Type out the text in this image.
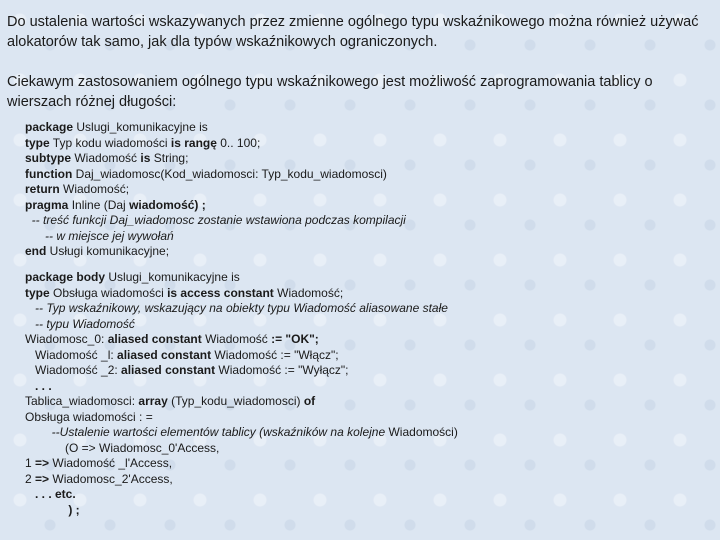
Do ustalenia wartości wskazywanych przez zmienne ogólnego typu wskaźnikowego można również używać alokatorów tak samo, jak dla typów wskaźnikowych ograniczonych.
Ciekawym zastosowaniem ogólnego typu wskaźnikowego jest możliwość zaprogramowania tablicy o wierszach różnej długości:
package Uslugi_komunikacyjne is
type Typ kodu wiadomości is rangę 0.. 100;
subtype Wiadomość is String;
function Daj_wiadomosc(Kod_wiadomosci: Typ_kodu_wiadomosci)
return Wiadomość;
pragma Inline (Daj wiadomość) ;
-- treść funkcji Daj_wiadomosc zostanie wstawiona podczas kompilacji
-- w miejsce jej wywołań
end Usługi komunikacyjne;
package body Uslugi_komunikacyjne is
type Obsługa wiadomości is access constant Wiadomość;
-- Typ wskaźnikowy, wskazujący na obiekty typu Wiadomość aliasowane stałe
-- typu Wiadomość
Wiadomosc_0: aliased constant Wiadomość := "OK";
Wiadomość _l: aliased constant Wiadomość := "Włącz";
Wiadomość _2: aliased constant Wiadomość := "Wyłącz";
. . .
Tablica_wiadomosci: array (Typ_kodu_wiadomosci) of
Obsługa wiadomości : =
--Ustalenie wartości elementów tablicy (wskaźników na kolejne Wiadomości)
(O => Wiadomosc_0'Access,
1 => Wiadomość _l'Access,
2 => Wiadomosc_2'Access,
. . . etc.
) ;
